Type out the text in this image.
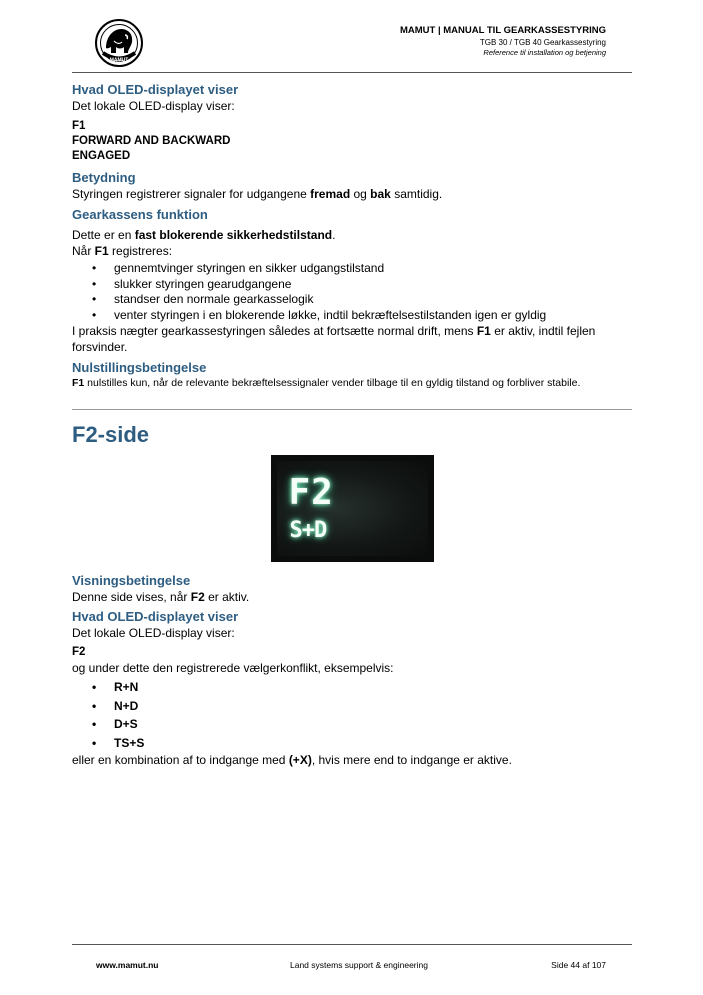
MAMUT
MAMUT | MANUAL TIL GEARKASSESTYRING
TGB 30 / TGB 40 Gearkassestyring
Reference til installation og betjening
Hvad OLED-displayet viser
Det lokale OLED-display viser:
F1
FORWARD AND BACKWARD
ENGAGED
Betydning
Styringen registrerer signaler for udgangene fremad og bak samtidig.
Gearkassens funktion
Dette er en fast blokerende sikkerhedstilstand.
Når F1 registreres:
• gennemtvinger styringen en sikker udgangstilstand
• slukker styringen gearudgangene
• standser den normale gearkasselogik
• venter styringen i en blokerende løkke, indtil bekræftelsestilstanden igen er gyldig
I praksis nægter gearkassestyringen således at fortsætte normal drift, mens F1 er aktiv, indtil fejlen forsvinder.
Nulstillingsbetingelse
F1 nulstilles kun, når de relevante bekræftelsessignaler vender tilbage til en gyldig tilstand og forbliver stabile.
F2-side
F2
S+D
Visningsbetingelse
Denne side vises, når F2 er aktiv.
Hvad OLED-displayet viser
Det lokale OLED-display viser:
F2
og under dette den registrerede vælgerkonflikt, eksempelvis:
• R+N
• N+D
• D+S
• TS+S
eller en kombination af to indgange med (+X), hvis mere end to indgange er aktive.
www.mamut.nu	Land systems support & engineering	Side 44 af 107
